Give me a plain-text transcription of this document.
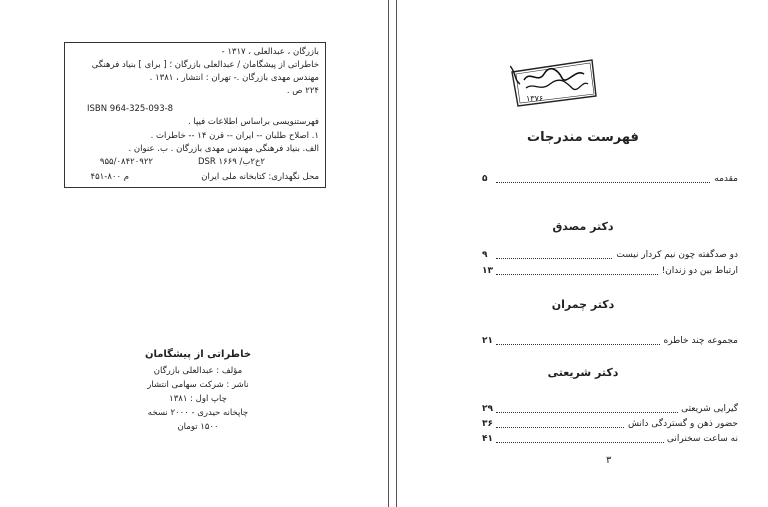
بازرگان ، عبدالعلی ، ۱۳۱۷ -
خاطراتی از پیشگامان / عبدالعلی بازرگان ؛ [ برای ] بنیاد فرهنگی
مهندس مهدی بازرگان .- تهران : انتشار ، ۱۳۸۱ .
۲۲۴ ص .
ISBN 964-325-093-8
فهرستنویسی براساس اطلاعات فیپا .
۱. اصلاح طلبان -- ایران -- قرن ۱۴ -- خاطرات .
الف. بنیاد فرهنگی مهندس مهدی بازرگان . ب. عنوان .
۲خ۲ب/ DSR ۱۶۶۹
۹۵۵/۰۸۴۲۰۹۲۲
محل نگهداری: کتابخانه ملی ایران
م ۸۰۰-۴۵۱
خاطراتی از پیشگامان
مؤلف : عبدالعلی بازرگان
ناشر : شرکت سهامی انتشار
چاپ اول : ۱۳۸۱
چاپخانه حیدری - ۲۰۰۰ نسخه
۱۵۰۰ تومان
۱۳۷۶
فهرست مندرجات
مقدمه
۵
دکتر مصدق
دو صدگفته چون نیم کردار نیست
۹
ارتباط بین دو زندان!
۱۳
دکتر چمران
مجموعه چند خاطره
۲۱
دکتر شریعتی
گیرایی شریعتی
۲۹
حضور ذهن و گستردگی دانش
۳۶
نه ساعت سخنرانی
۴۱
۳
